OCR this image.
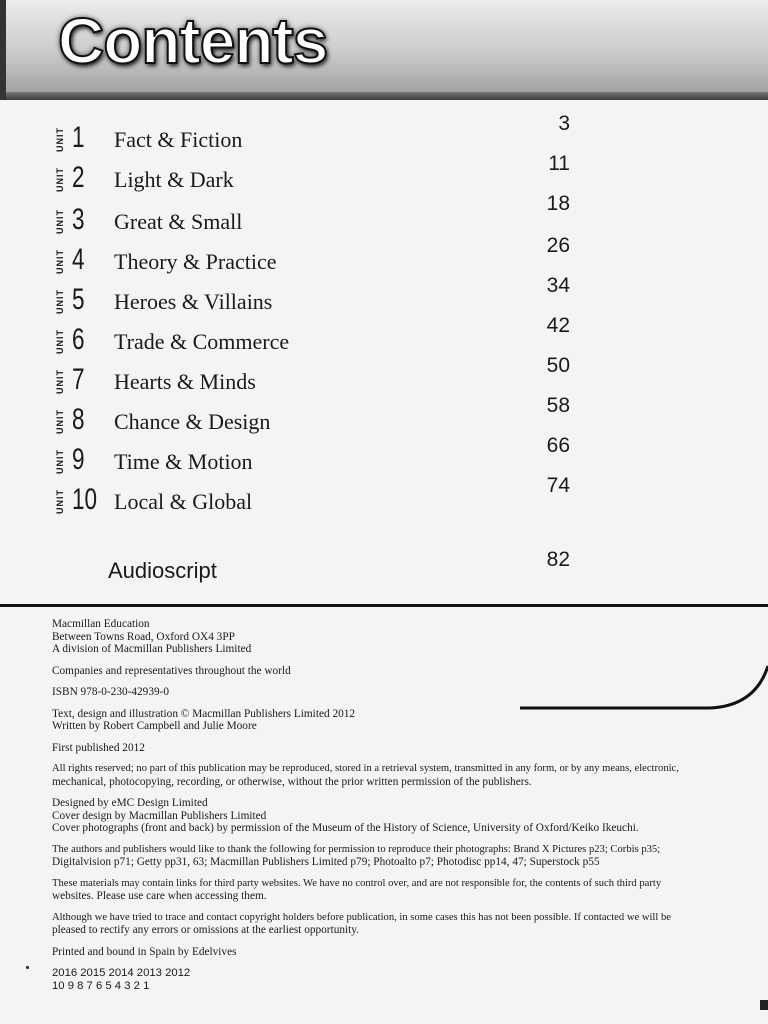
Contents
UNIT 1 Fact & Fiction
3
UNIT 2 Light & Dark
11
UNIT 3 Great & Small
18
UNIT 4 Theory & Practice
26
UNIT 5 Heroes & Villains
34
UNIT 6 Trade & Commerce
42
UNIT 7 Hearts & Minds
50
UNIT 8 Chance & Design
58
UNIT 9 Time & Motion
66
UNIT 10 Local & Global
74
Audioscript	82

Macmillan Education
Between Towns Road, Oxford OX4 3PP
A division of Macmillan Publishers Limited

Companies and representatives throughout the world

ISBN 978-0-230-42939-0

Text, design and illustration © Macmillan Publishers Limited 2012
Written by Robert Campbell and Julie Moore

First published 2012

All rights reserved; no part of this publication may be reproduced, stored in a retrieval system, transmitted in any form, or by any means, electronic,
mechanical, photocopying, recording, or otherwise, without the prior written permission of the publishers.

Designed by eMC Design Limited
Cover design by Macmillan Publishers Limited
Cover photographs (front and back) by permission of the Museum of the History of Science, University of Oxford/Keiko Ikeuchi.

The authors and publishers would like to thank the following for permission to reproduce their photographs: Brand X Pictures p23; Corbis p35;
Digitalvision p71; Getty pp31, 63; Macmillan Publishers Limited p79; Photoalto p7; Photodisc pp14, 47; Superstock p55

These materials may contain links for third party websites. We have no control over, and are not responsible for, the contents of such third party
websites. Please use care when accessing them.

Although we have tried to trace and contact copyright holders before publication, in some cases this has not been possible. If contacted we will be
pleased to rectify any errors or omissions at the earliest opportunity.

Printed and bound in Spain by Edelvives

2016 2015 2014 2013 2012
10 9 8 7 6 5 4 3 2 1
